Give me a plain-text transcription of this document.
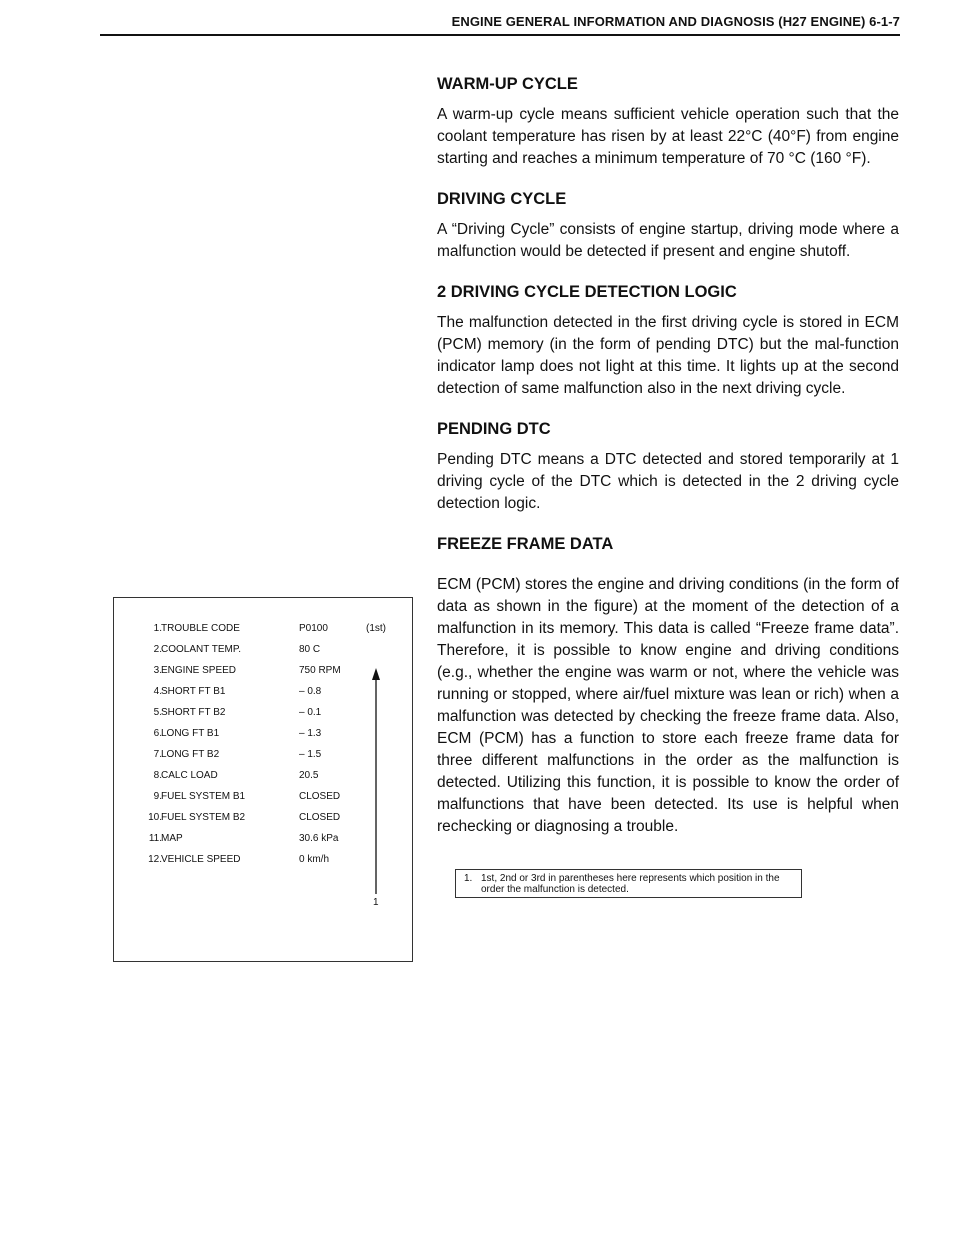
ENGINE GENERAL INFORMATION AND DIAGNOSIS (H27 ENGINE) 6-1-7
WARM-UP CYCLE

A warm-up cycle means sufficient vehicle operation such that the coolant temperature has risen by at least 22°C (40°F) from engine starting and reaches a minimum temperature of 70 °C (160 °F).

DRIVING CYCLE

A “Driving Cycle” consists of engine startup, driving mode where a malfunction would be detected if present and engine shutoff.

2 DRIVING CYCLE DETECTION LOGIC

The malfunction detected in the first driving cycle is stored in ECM (PCM) memory (in the form of pending DTC) but the mal-function indicator lamp does not light at this time. It lights up at the second detection of same malfunction also in the next driving cycle.

PENDING DTC

Pending DTC means a DTC detected and stored temporarily at 1 driving cycle of the DTC which is detected in the 2 driving cycle detection logic.

FREEZE FRAME DATA

ECM (PCM) stores the engine and driving conditions (in the form of data as shown in the figure) at the moment of the detection of a malfunction in its memory. This data is called “Freeze frame data”. Therefore, it is possible to know engine and driving conditions (e.g., whether the engine was warm or not, where the vehicle was running or stopped, where air/fuel mixture was lean or rich) when a malfunction was detected by checking the freeze frame data. Also, ECM (PCM) has a function to store each freeze frame data for three different malfunctions in the order as the malfunction is detected. Utilizing this function, it is possible to know the order of malfunctions that have been detected. Its use is helpful when rechecking or diagnosing a trouble.

1. TROUBLE CODE	P0100	(1st)
2. COOLANT TEMP.	80 C
3. ENGINE SPEED	750 RPM
4. SHORT FT B1	– 0.8
5. SHORT FT B2	– 0.1
6. LONG FT B1	– 1.3
7. LONG FT B2	– 1.5
8. CALC LOAD	20.5
9. FUEL SYSTEM B1	CLOSED
10. FUEL SYSTEM B2	CLOSED
11. MAP	30.6 kPa
12. VEHICLE SPEED	0 km/h
1
1. 1st, 2nd or 3rd in parentheses here represents which position in the order the malfunction is detected.
